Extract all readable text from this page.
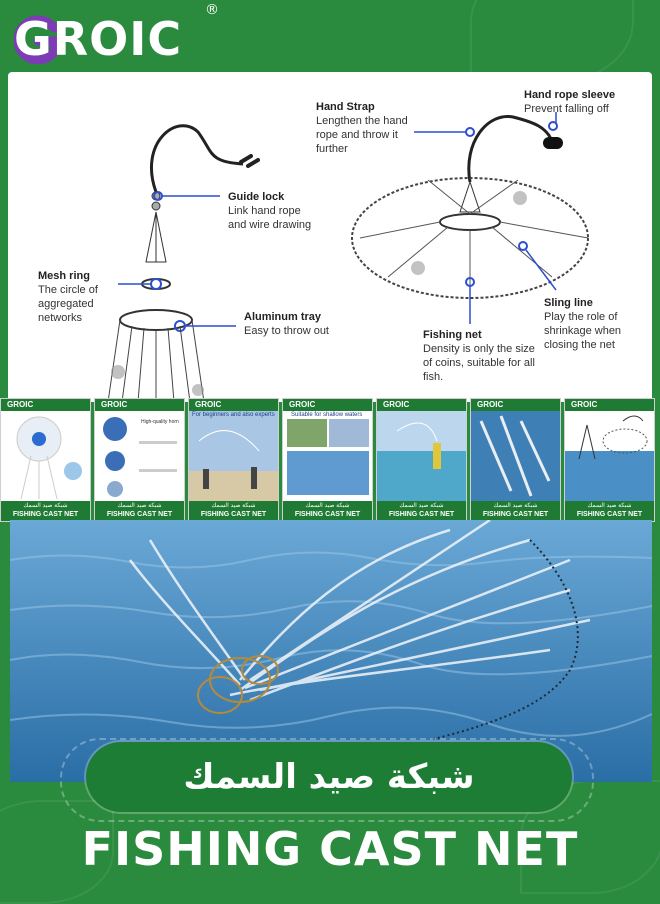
GROIC
®
Guide lock
Link hand rope and wire drawing
Mesh ring
The circle of aggregated networks	Aluminum tray
Easy to throw out
Hand Strap
Lengthen the hand rope and throw it further
Hand rope sleeve
Prevent falling off
Fishing net
Density is only the size of coins, suitable for all fish.
Sling line
Play the role of shrinkage when closing the net
GROIC
شبكة صيد السمك
FISHING CAST NET
GROIC
High-quality horn
شبكة صيد السمك
FISHING CAST NET
GROIC
For beginners and also experts
شبكة صيد السمك
FISHING CAST NET
GROIC
Suitable for shallow waters
شبكة صيد السمك
FISHING CAST NET
GROIC
شبكة صيد السمك
FISHING CAST NET
GROIC
شبكة صيد السمك
FISHING CAST NET
GROIC
شبكة صيد السمك
FISHING CAST NET
شبكة صيد السمك
FISHING CAST NET
